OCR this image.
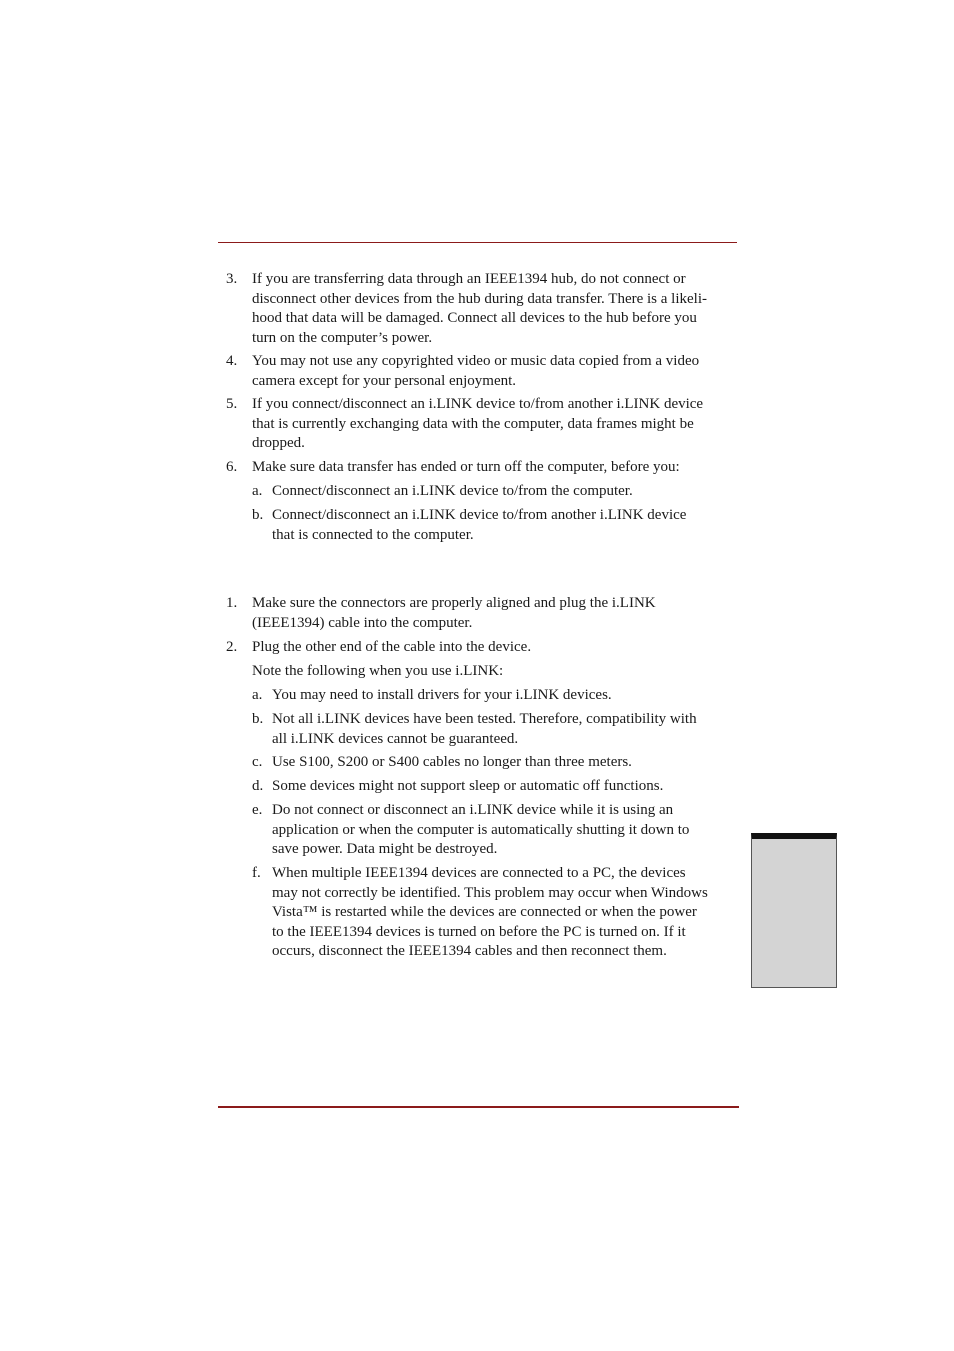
3. If you are transferring data through an IEEE1394 hub, do not connect or
disconnect other devices from the hub during data transfer. There is a likeli-
hood that data will be damaged. Connect all devices to the hub before you
turn on the computer’s power.
4. You may not use any copyrighted video or music data copied from a video
camera except for your personal enjoyment.
5. If you connect/disconnect an i.LINK device to/from another i.LINK device
that is currently exchanging data with the computer, data frames might be
dropped.
6. Make sure data transfer has ended or turn off the computer, before you:
a. Connect/disconnect an i.LINK device to/from the computer.
b. Connect/disconnect an i.LINK device to/from another i.LINK device
that is connected to the computer.
1. Make sure the connectors are properly aligned and plug the i.LINK
(IEEE1394) cable into the computer.
2. Plug the other end of the cable into the device.
Note the following when you use i.LINK:
a. You may need to install drivers for your i.LINK devices.
b. Not all i.LINK devices have been tested. Therefore, compatibility with
all i.LINK devices cannot be guaranteed.
c. Use S100, S200 or S400 cables no longer than three meters.
d. Some devices might not support sleep or automatic off functions.
e. Do not connect or disconnect an i.LINK device while it is using an
application or when the computer is automatically shutting it down to
save power. Data might be destroyed.
f. When multiple IEEE1394 devices are connected to a PC, the devices
may not correctly be identified. This problem may occur when Windows
Vista™ is restarted while the devices are connected or when the power
to the IEEE1394 devices is turned on before the PC is turned on. If it
occurs, disconnect the IEEE1394 cables and then reconnect them.
